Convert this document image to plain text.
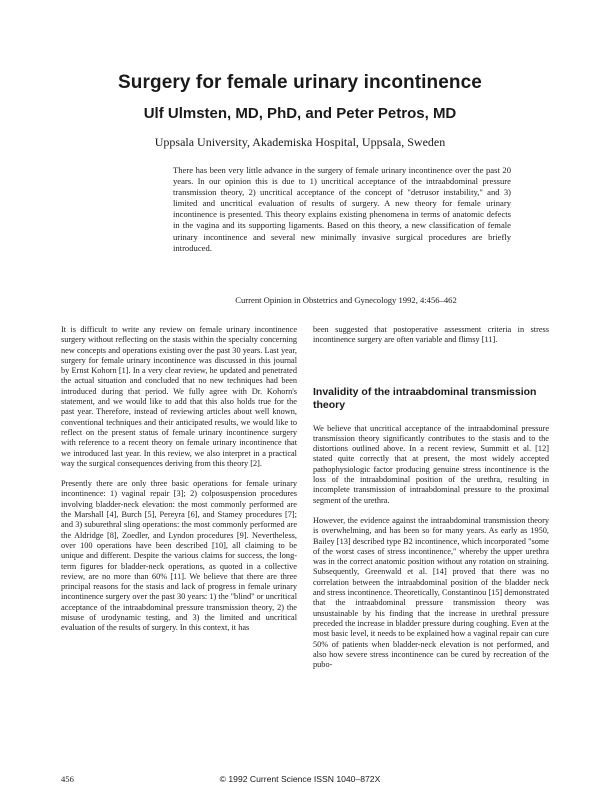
Surgery for female urinary incontinence
Ulf Ulmsten, MD, PhD, and Peter Petros, MD
Uppsala University, Akademiska Hospital, Uppsala, Sweden

There has been very little advance in the surgery of female urinary incontinence over the past 20 years. In our opinion this is due to 1) uncritical acceptance of the intraabdominal pressure transmission theory, 2) uncritical acceptance of the concept of "detrusor instability," and 3) limited and uncritical evaluation of results of surgery. A new theory for female urinary incontinence is presented. This theory explains existing phenomena in terms of anatomic defects in the vagina and its supporting ligaments. Based on this theory, a new classification of female urinary incontinence and several new minimally invasive surgical procedures are briefly introduced.

Current Opinion in Obstetrics and Gynecology 1992, 4:456–462

It is difficult to write any review on female urinary incontinence surgery without reflecting on the stasis within the specialty concerning new concepts and operations existing over the past 30 years. Last year, surgery for female urinary incontinence was discussed in this journal by Ernst Kohorn [1]. In a very clear review, he updated and penetrated the actual situation and concluded that no new techniques had been introduced during that period. We fully agree with Dr. Kohorn's statement, and we would like to add that this also holds true for the past year. Therefore, instead of reviewing articles about well known, conventional techniques and their anticipated results, we would like to reflect on the present status of female urinary incontinence surgery with reference to a recent theory on female urinary incontinence that we introduced last year. In this review, we also interpret in a practical way the surgical consequences deriving from this theory [2].

Presently there are only three basic operations for female urinary incontinence: 1) vaginal repair [3]; 2) colposuspension procedures involving bladder-neck elevation: the most commonly performed are the Marshall [4], Burch [5], Pereyra [6], and Stamey procedures [7]; and 3) suburethral sling operations: the most commonly performed are the Aldridge [8], Zoedler, and Lyndon procedures [9]. Nevertheless, over 100 operations have been described [10], all claiming to be unique and different. Despite the various claims for success, the long-term figures for bladder-neck operations, as quoted in a collective review, are no more than 60% [11]. We believe that there are three principal reasons for the stasis and lack of progress in female urinary incontinence surgery over the past 30 years: 1) the "blind" or uncritical acceptance of the intraabdominal pressure transmission theory, 2) the misuse of urodynamic testing, and 3) the limited and uncritical evaluation of the results of surgery. In this context, it has

been suggested that postoperative assessment criteria in stress incontinence surgery are often variable and flimsy [11].

Invalidity of the intraabdominal transmission theory

We believe that uncritical acceptance of the intraabdominal pressure transmission theory significantly contributes to the stasis and to the distortions outlined above. In a recent review, Summitt et al. [12] stated quite correctly that at present, the most widely accepted pathophysiologic factor producing genuine stress incontinence is the loss of the intraabdominal position of the urethra, resulting in incomplete transmission of intraabdominal pressure to the proximal segment of the urethra.

However, the evidence against the intraabdominal transmission theory is overwhelming, and has been so for many years. As early as 1950, Bailey [13] described type B2 incontinence, which incorporated "some of the worst cases of stress incontinence," whereby the upper urethra was in the correct anatomic position without any rotation on straining. Subsequently, Greenwald et al. [14] proved that there was no correlation between the intraabdominal position of the bladder neck and stress incontinence. Theoretically, Constantinou [15] demonstrated that the intraabdominal pressure transmission theory was unsustainable by his finding that the increase in urethral pressure preceded the increase in bladder pressure during coughing. Even at the most basic level, it needs to be explained how a vaginal repair can cure 50% of patients when bladder-neck elevation is not performed, and also how severe stress incontinence can be cured by recreation of the pubo-

456	© 1992 Current Science ISSN 1040–872X
